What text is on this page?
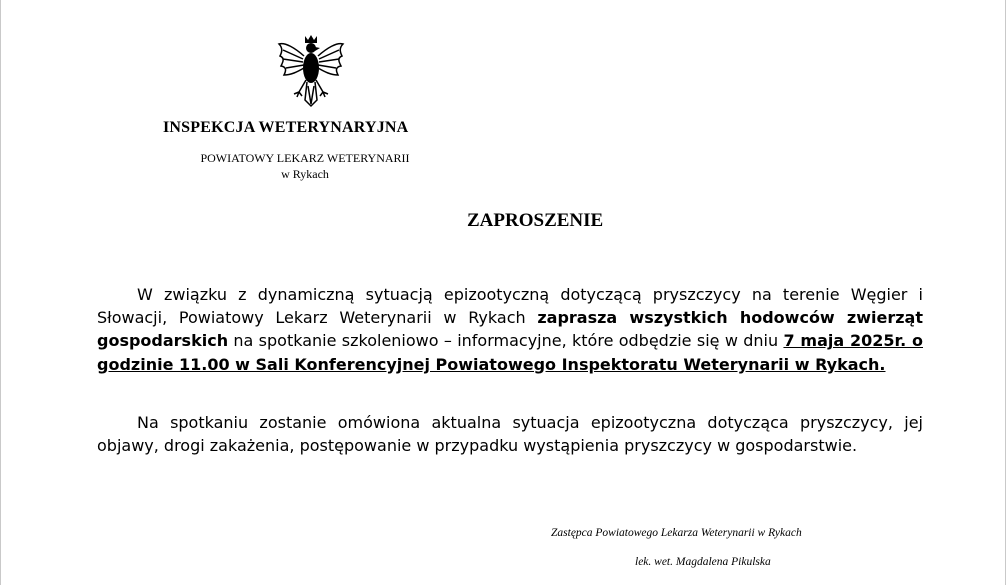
INSPEKCJA WETERYNARYJNA
POWIATOWY LEKARZ WETERYNARII
w Rykach
ZAPROSZENIE
W związku z dynamiczną sytuacją epizootyczną dotyczącą pryszczycy na terenie Węgier i Słowacji, Powiatowy Lekarz Weterynarii w Rykach zaprasza wszystkich hodowców zwierząt gospodarskich na spotkanie szkoleniowo – informacyjne, które odbędzie się w dniu 7 maja 2025r. o godzinie 11.00 w Sali Konferencyjnej Powiatowego Inspektoratu Weterynarii w Rykach.
Na spotkaniu zostanie omówiona aktualna sytuacja epizootyczna dotycząca pryszczycy, jej objawy, drogi zakażenia, postępowanie w przypadku wystąpienia pryszczycy w gospodarstwie.
Zastępca Powiatowego Lekarza Weterynarii w Rykach
lek. wet. Magdalena Pikulska
